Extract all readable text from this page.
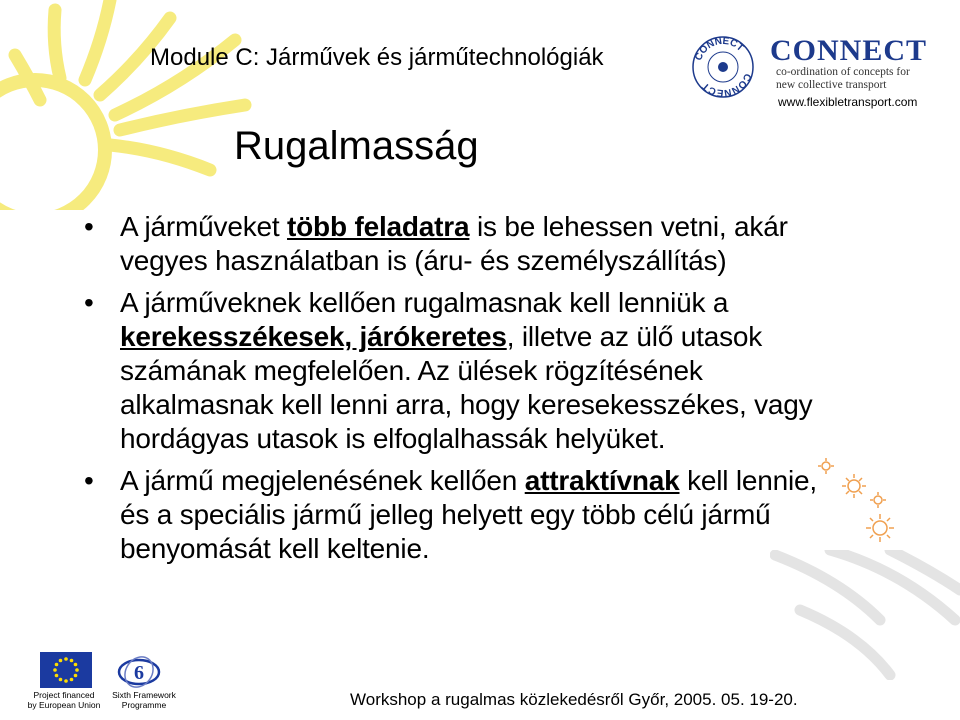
Module C: Járművek és járműtechnológiák	CONNECT
CONNECT
CONNECT
co-ordination of concepts for
new collective transport
www.flexibletransport.com
Rugalmasság
• A járműveket több feladatra is be lehessen vetni, akár vegyes használatban is (áru- és személyszállítás)
• A járműveknek kellően rugalmasnak kell lenniük a kerekesszékesek, járókeretes, illetve az ülő utasok számának megfelelően. Az ülések rögzítésének alkalmasnak kell lenni arra, hogy keresekesszékes, vagy hordágyas utasok is elfoglalhassák helyüket.
• A jármű megjelenésének kellően attraktívnak kell lennie, és a speciális jármű jelleg helyett egy több célú jármű benyomását kell keltenie.
Project financed
by European Union
6
Sixth Framework
Programme	Workshop a rugalmas közlekedésről Győr, 2005. 05. 19-20.
